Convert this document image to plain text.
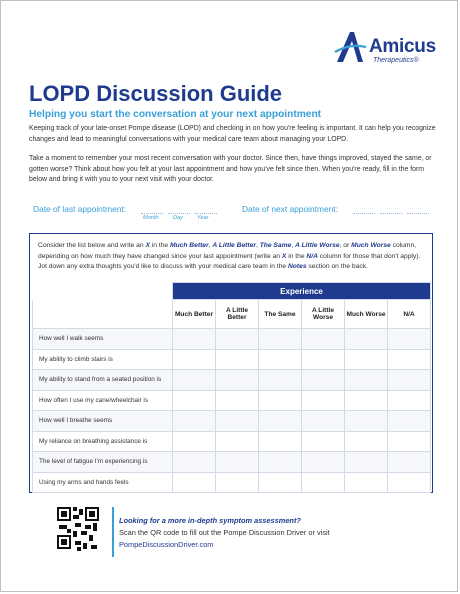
Amicus
Therapeutics®
LOPD Discussion Guide
Helping you start the conversation at your next appointment
Keeping track of your late-onset Pompe disease (LOPD) and checking in on how you're feeling is important. It can help you recognize changes and lead to meaningful conversations with your medical care team about managing your LOPD.
Take a moment to remember your most recent conversation with your doctor. Since then, have things improved, stayed the same, or gotten worse? Think about how you felt at your last appointment and how you've felt since then. When you're ready, fill in the form below and bring it with you to your next visit with your doctor.
Date of last appointment:
Month	Day	Year
Date of next appointment:
Consider the list below and write an X in the Much Better, A Little Better, The Same, A Little Worse, or Much Worse column, depending on how much they have changed since your last appointment (write an X in the N/A column for those that don't apply). Jot down any extra thoughts you'd like to discuss with your medical care team in the Notes section on the back.
	Experience					
	Much Better	A Little Better	The Same	A Little Worse	Much Worse	N/A
How well I walk seems						
My ability to climb stairs is						
My ability to stand from a seated position is						
How often I use my cane/wheelchair is						
How well I breathe seems						
My reliance on breathing assistance is						
The level of fatigue I'm experiencing is						
Using my arms and hands feels						
Looking for a more in-depth symptom assessment?
Scan the QR code to fill out the Pompe Discussion Driver or visit
PompeDiscussionDriver.com
